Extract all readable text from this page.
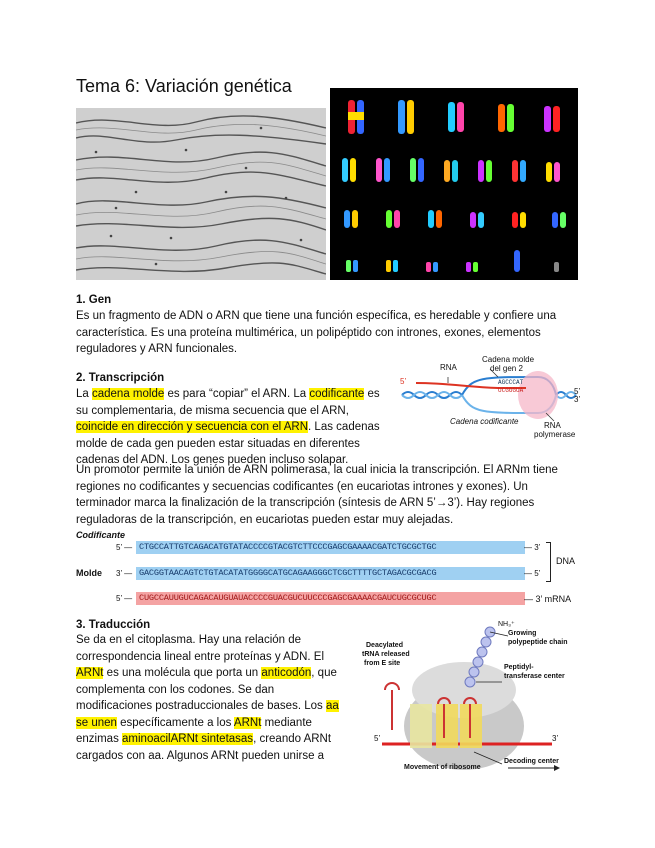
Tema 6: Variación genética
1. Gen
Es un fragmento de ADN o ARN que tiene una función específica, es heredable y confiere una
característica. Es una proteína multimérica, un polipéptido con intrones, exones, elementos
reguladores y ARN funcionales.
2. Transcripción
La cadena molde es para “copiar” el ARN. La codificante es
su complementaria, de misma secuencia que el ARN,
coincide en dirección y secuencia con el ARN. Las cadenas
molde de cada gen pueden estar situadas en diferentes
cadenas del ADN. Los genes pueden incluso solapar.
Un promotor permite la unión de ARN polimerasa, la cual inicia la transcripción. El ARNm tiene
regiones no codificantes y secuencias codificantes (en eucariotas intrones y exones). Un
terminador marca la finalización de la transcripción (síntesis de ARN 5’→3’). Hay regiones
reguladoras de la transcripción, en eucariotas pueden estar muy alejadas.
RNA
Cadena molde
del gen 2
AGCCCAT
UCGGGUA
5’
5’
3’
Cadena codificante	RNA
polymerase
Codificante
5’ — CTGCCATTGTCAGACATGTATACCCCGTACGTCTTCCCGAGCGAAAACGATCTGCGCTGC	— 3’
Molde 3’ — GACGGTAACAGTCTGTACATATGGGGCATGCAGAAGGGCTCGCTTTTGCTAGACGCGACG	— 5’
DNA
5’ — CUGCCAUUGUCAGACAUGUAUACCCCGUACGUCUUCCCGAGCGAAAACGAUCUGCGCUGC	— 3’ mRNA
3. Traducción
Se da en el citoplasma. Hay una relación de
correspondencia lineal entre proteínas y ADN. El
ARNt es una molécula que porta un anticodón, que
complementa con los codones. Se dan
modificaciones postraduccionales de bases. Los aa
se unen específicamente a los ARNt mediante
enzimas aminoacilARNt sintetasas, creando ARNt
cargados con aa. Algunos ARNt pueden unirse a
NH₃⁺
Growing
polypeptide chain
Deacylated
tRNA released
from E site
Peptidyl-
transferase center
5’	3’
Decoding center
Movement of ribosome
